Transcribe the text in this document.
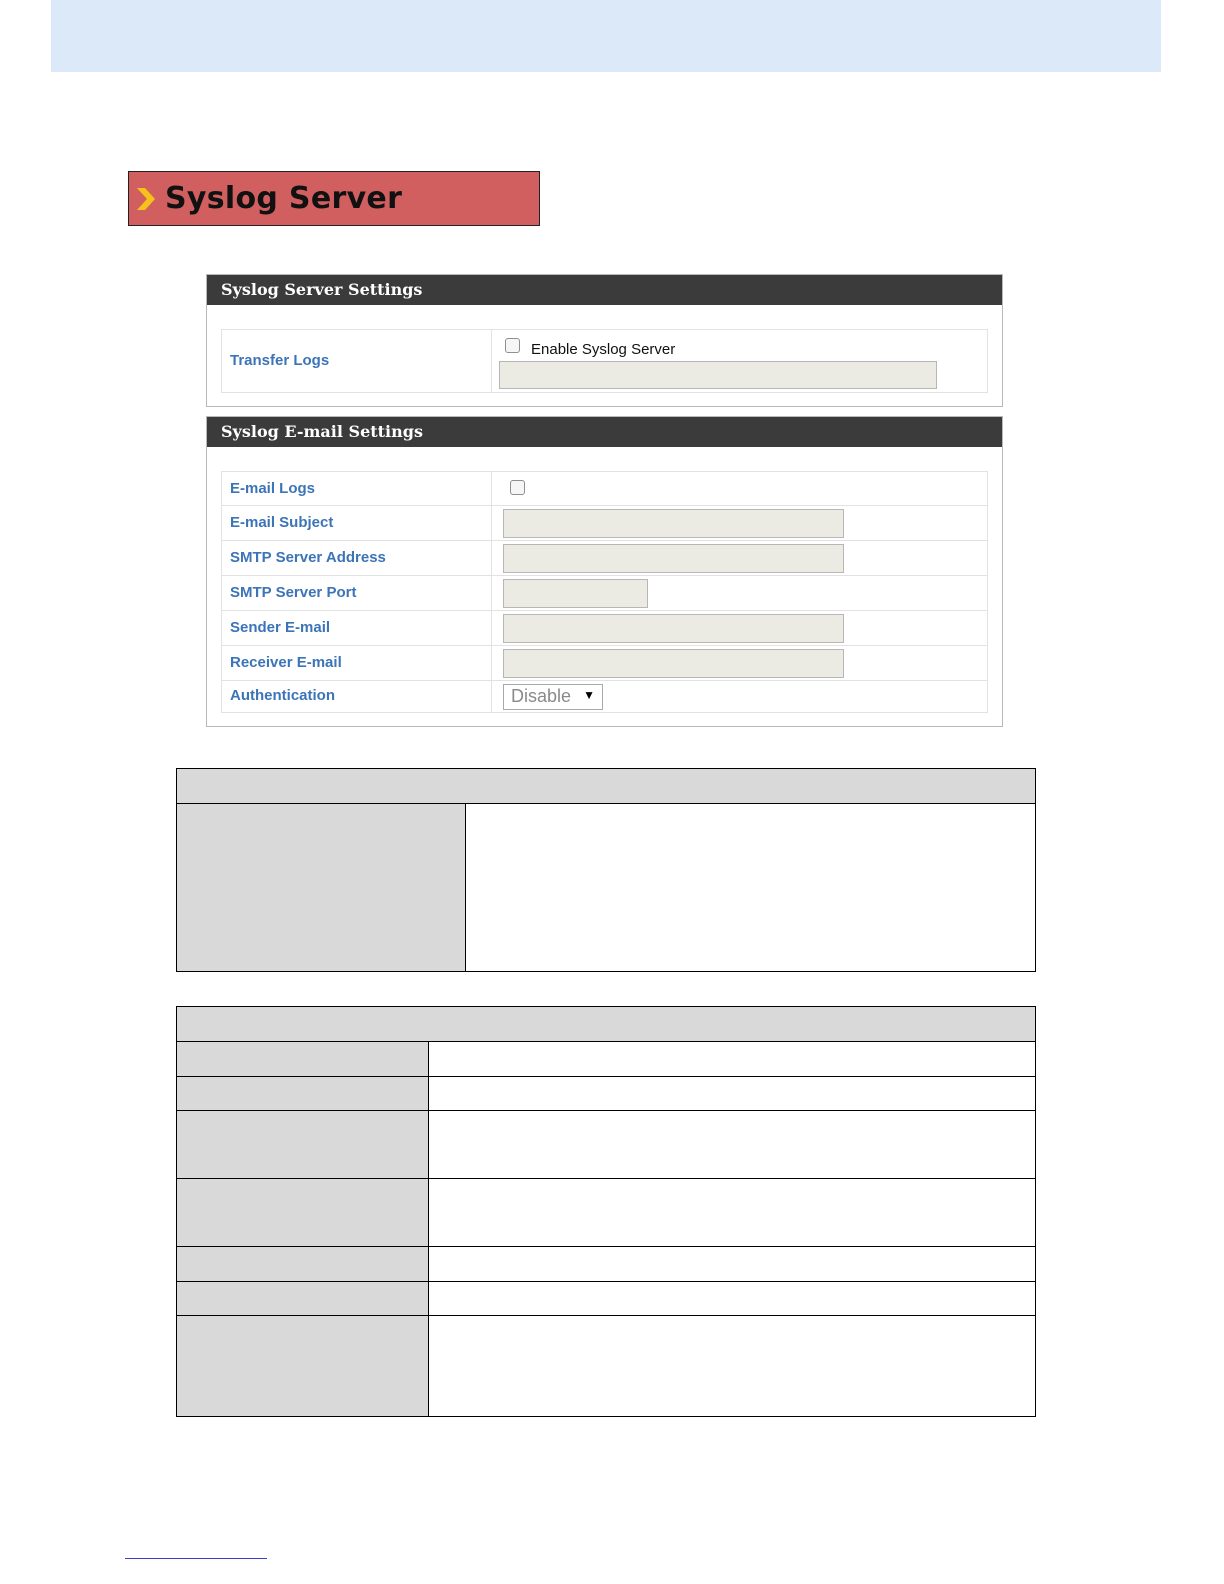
Syslog Server
Syslog Server Settings
Transfer Logs
Enable Syslog Server
Syslog E-mail Settings
E-mail Logs
E-mail Subject
SMTP Server Address
SMTP Server Port
Sender E-mail
Receiver E-mail
Authentication	Disable ▼
